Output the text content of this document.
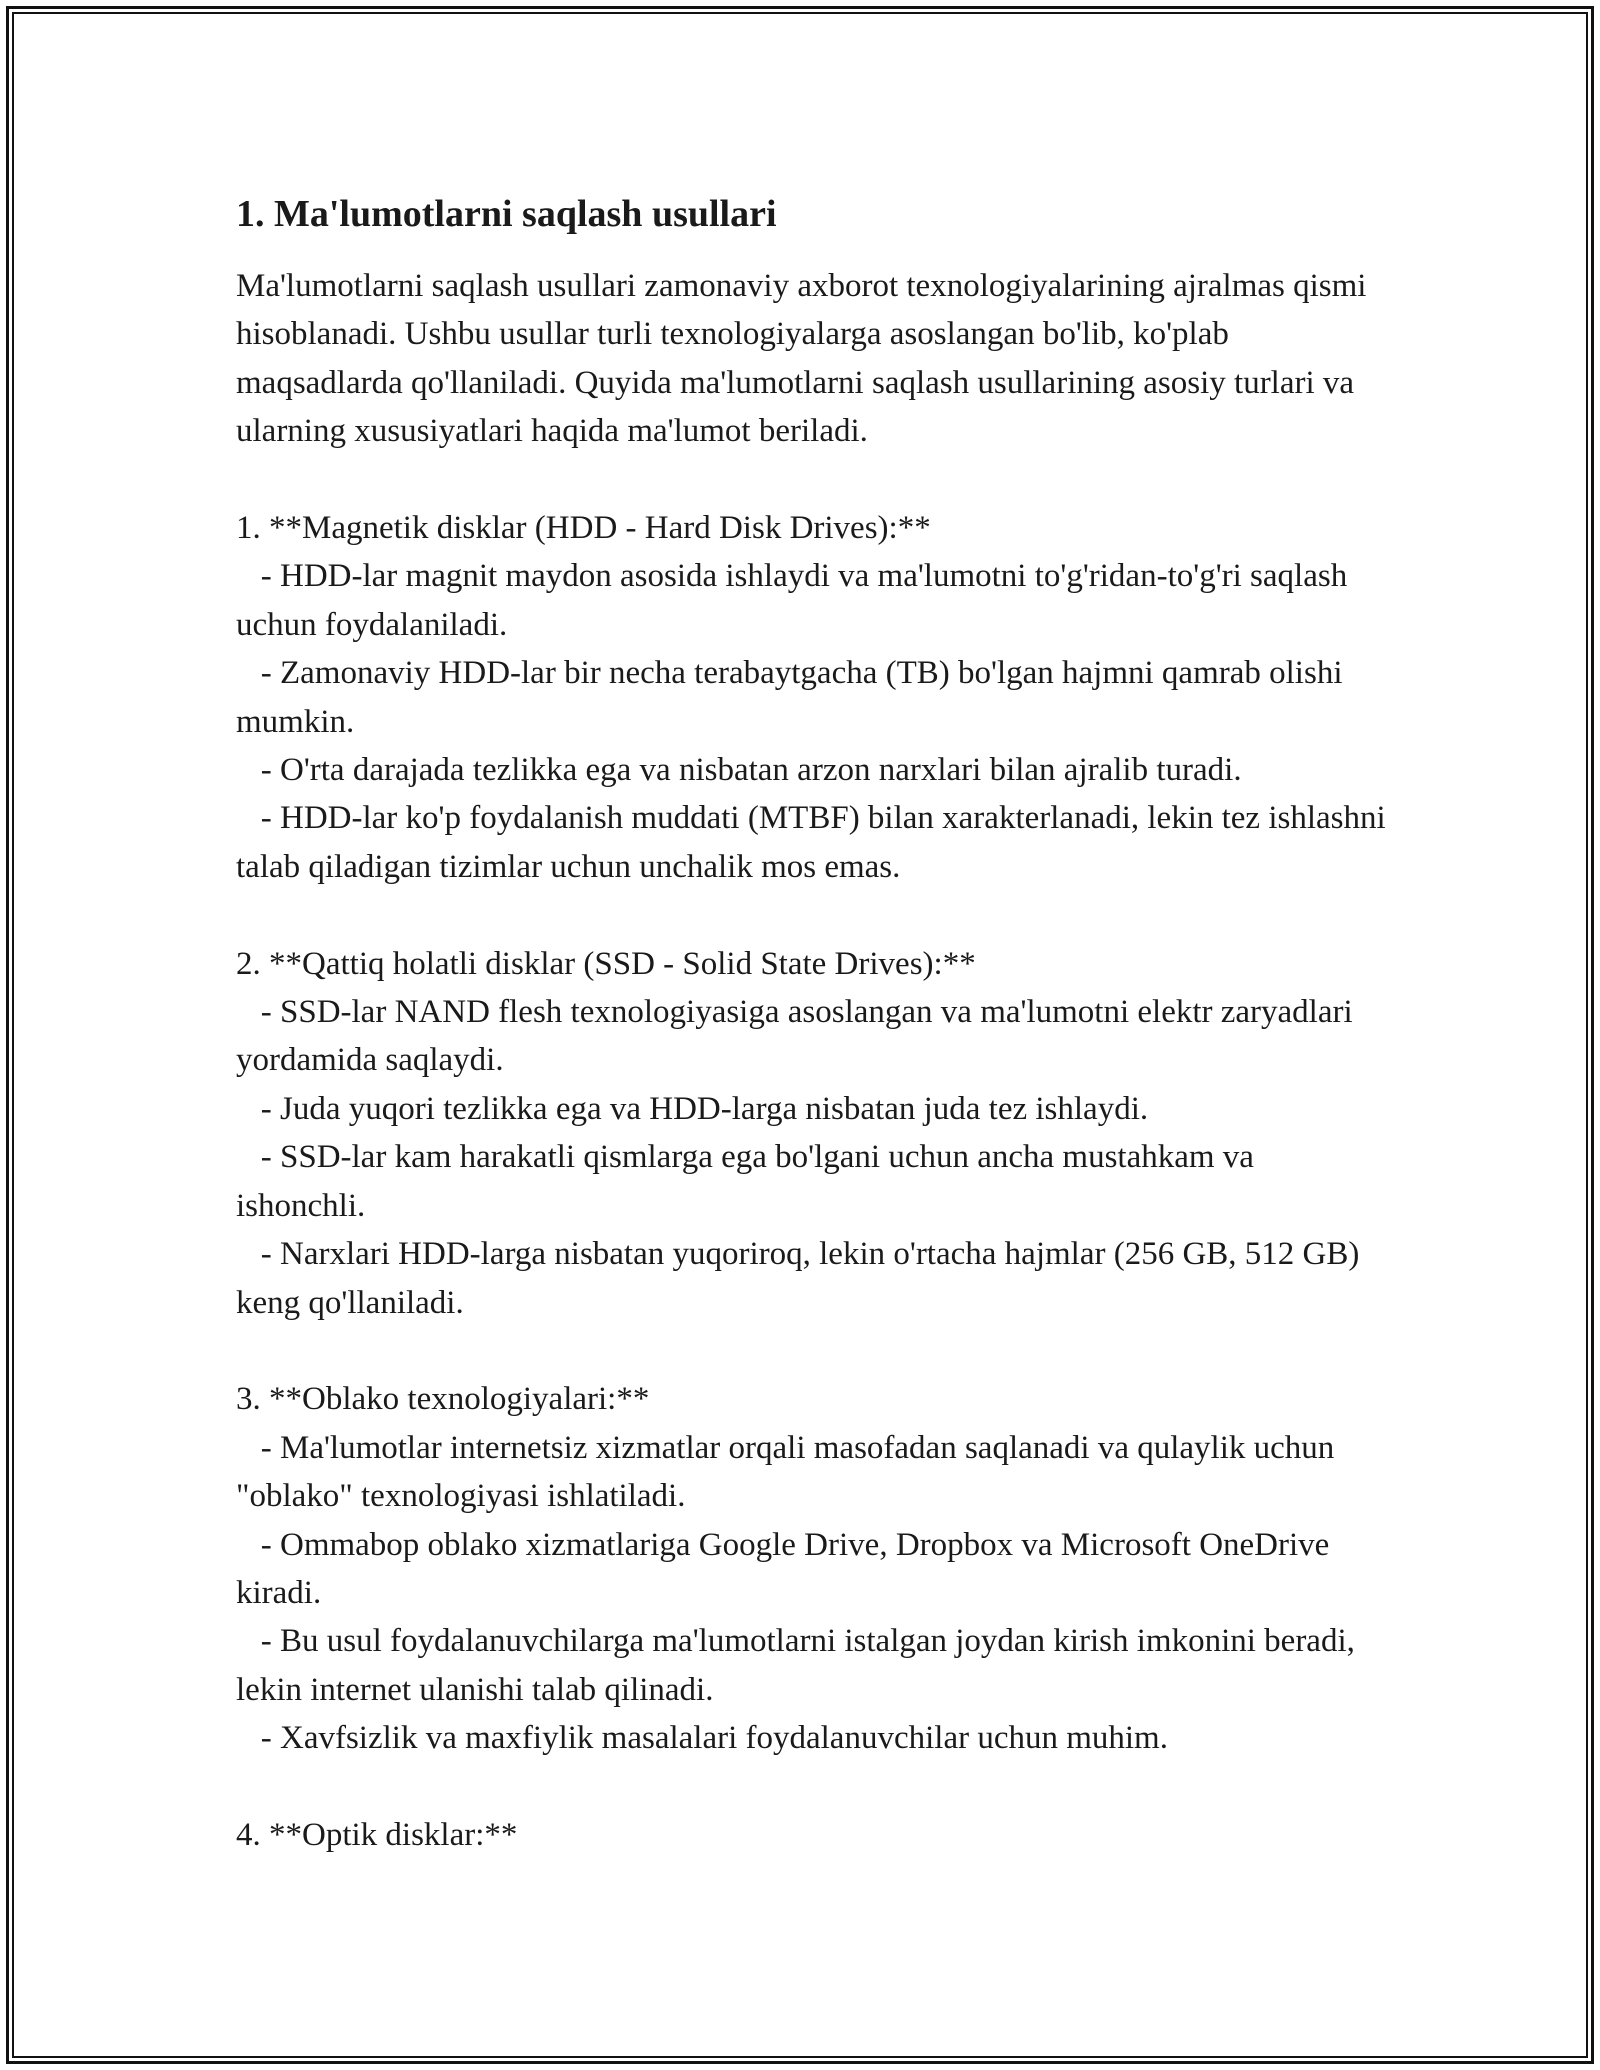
1. Ma'lumotlarni saqlash usullari

Ma'lumotlarni saqlash usullari zamonaviy axborot texnologiyalarining ajralmas qismi hisoblanadi. Ushbu usullar turli texnologiyalarga asoslangan bo'lib, ko'plab maqsadlarda qo'llaniladi. Quyida ma'lumotlarni saqlash usullarining asosiy turlari va ularning xususiyatlari haqida ma'lumot beriladi.

1. **Magnetik disklar (HDD - Hard Disk Drives):**

- HDD-lar magnit maydon asosida ishlaydi va ma'lumotni to'g'ridan-to'g'ri saqlash uchun foydalaniladi.

- Zamonaviy HDD-lar bir necha terabaytgacha (TB) bo'lgan hajmni qamrab olishi mumkin.

- O'rta darajada tezlikka ega va nisbatan arzon narxlari bilan ajralib turadi.

- HDD-lar ko'p foydalanish muddati (MTBF) bilan xarakterlanadi, lekin tez ishlashni talab qiladigan tizimlar uchun unchalik mos emas.

2. **Qattiq holatli disklar (SSD - Solid State Drives):**

- SSD-lar NAND flesh texnologiyasiga asoslangan va ma'lumotni elektr zaryadlari yordamida saqlaydi.

- Juda yuqori tezlikka ega va HDD-larga nisbatan juda tez ishlaydi.

- SSD-lar kam harakatli qismlarga ega bo'lgani uchun ancha mustahkam va ishonchli.

- Narxlari HDD-larga nisbatan yuqoriroq, lekin o'rtacha hajmlar (256 GB, 512 GB) keng qo'llaniladi.

3. **Oblako texnologiyalari:**

- Ma'lumotlar internetsiz xizmatlar orqali masofadan saqlanadi va qulaylik uchun "oblako" texnologiyasi ishlatiladi.

- Ommabop oblako xizmatlariga Google Drive, Dropbox va Microsoft OneDrive kiradi.

- Bu usul foydalanuvchilarga ma'lumotlarni istalgan joydan kirish imkonini beradi, lekin internet ulanishi talab qilinadi.

- Xavfsizlik va maxfiylik masalalari foydalanuvchilar uchun muhim.

4. **Optik disklar:**
